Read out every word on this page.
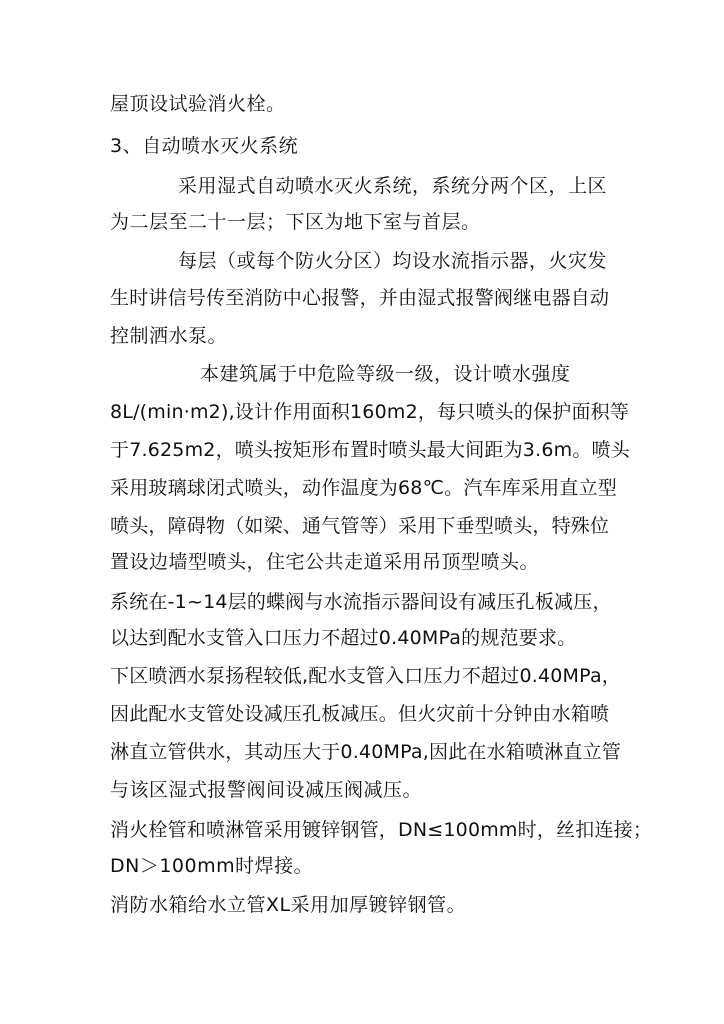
屋顶设试验消火栓。
3、自动喷水灭火系统
采用湿式自动喷水灭火系统，系统分两个区，上区
为二层至二十一层；下区为地下室与首层。
每层（或每个防火分区）均设水流指示器，火灾发
生时讲信号传至消防中心报警，并由湿式报警阀继电器自动
控制洒水泵。
本建筑属于中危险等级一级，设计喷水强度
8L/(min·m2),设计作用面积160m2，每只喷头的保护面积等
于7.625m2，喷头按矩形布置时喷头最大间距为3.6m。喷头
采用玻璃球闭式喷头，动作温度为68℃。汽车库采用直立型
喷头，障碍物（如梁、通气管等）采用下垂型喷头，特殊位
置设边墙型喷头，住宅公共走道采用吊顶型喷头。
系统在-1~14层的蝶阀与水流指示器间设有减压孔板减压，
以达到配水支管入口压力不超过0.40MPa的规范要求。
下区喷洒水泵扬程较低,配水支管入口压力不超过0.40MPa，
因此配水支管处设减压孔板减压。但火灾前十分钟由水箱喷
淋直立管供水，其动压大于0.40MPa,因此在水箱喷淋直立管
与该区湿式报警阀间设减压阀减压。
消火栓管和喷淋管采用镀锌钢管，DN≤100mm时，丝扣连接；
DN＞100mm时焊接。
消防水箱给水立管XL采用加厚镀锌钢管。
